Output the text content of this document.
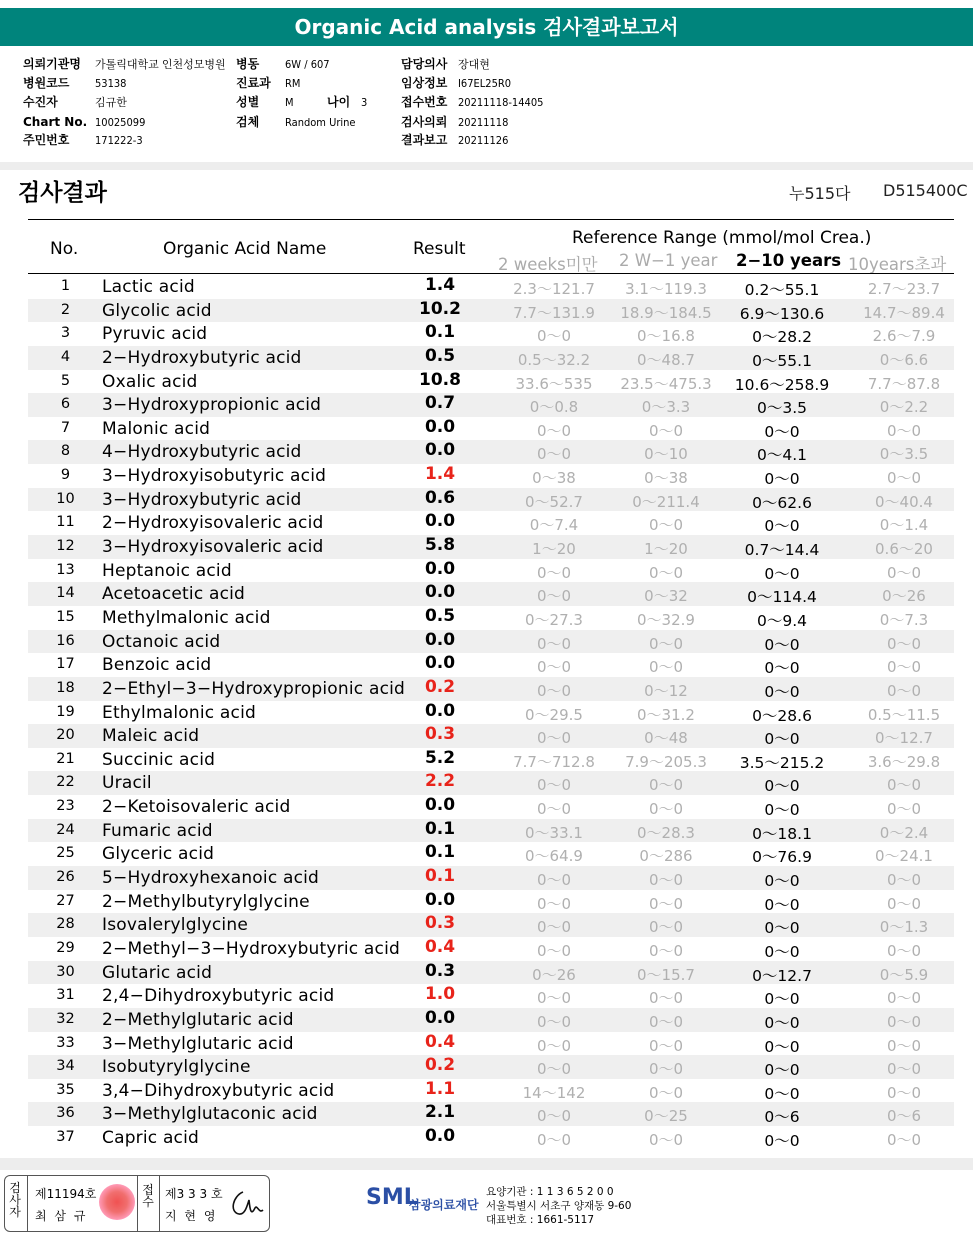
Organic Acid analysis 검사결과보고서
의뢰기관명 가톨릭대학교 인천성모병원 병동 6W / 607	담당의사 장대현
병원코드 53138	진료과 RM	임상정보 I67EL25R0
수진자	김규한	성별 M	나이 3	접수번호 20211118-14405
Chart No. 10025099	검체 Random Urine	검사의뢰 20211118
주민번호 171222-3	결과보고 20211126
검사결과	누515다 D515400C
No.	Organic Acid Name	Result
Reference Range (mmol/mol Crea.)
2 weeks미만 2 W−1 year 2−10 years 10years초과
1	Lactic acid	1.4	2.3～121.7	3.1～119.3	0.2～55.1	2.7～23.7
2	Glycolic acid	10.2	7.7～131.9	18.9～184.5	6.9～130.6	14.7～89.4
3	Pyruvic acid	0.1	0～0	0～16.8	0～28.2	2.6～7.9
4	2−Hydroxybutyric acid	0.5	0.5～32.2	0～48.7	0～55.1	0～6.6
5	Oxalic acid	10.8	33.6～535	23.5～475.3	10.6～258.9	7.7～87.8
6	3−Hydroxypropionic acid	0.7	0～0.8	0～3.3	0～3.5	0～2.2
7	Malonic acid	0.0	0～0	0～0	0～0	0～0
8	4−Hydroxybutyric acid	0.0	0～0	0～10	0～4.1	0～3.5
9	3−Hydroxyisobutyric acid	1.4	0～38	0～38	0～0	0～0
10	3−Hydroxybutyric acid	0.6	0～52.7	0～211.4	0～62.6	0～40.4
11	2−Hydroxyisovaleric acid	0.0	0～7.4	0～0	0～0	0～1.4
12	3−Hydroxyisovaleric acid	5.8	1～20	1～20	0.7～14.4	0.6～20
13	Heptanoic acid	0.0	0～0	0～0	0～0	0～0
14	Acetoacetic acid	0.0	0～0	0～32	0～114.4	0～26
15	Methylmalonic acid	0.5	0～27.3	0～32.9	0～9.4	0～7.3
16	Octanoic acid	0.0	0～0	0～0	0～0	0～0
17	Benzoic acid	0.0	0～0	0～0	0～0	0～0
18	2−Ethyl−3−Hydroxypropionic acid	0.2	0～0	0～12	0～0	0～0
19	Ethylmalonic acid	0.0	0～29.5	0～31.2	0～28.6	0.5～11.5
20	Maleic acid	0.3	0～0	0～48	0～0	0～12.7
21	Succinic acid	5.2	7.7～712.8	7.9～205.3	3.5～215.2	3.6～29.8
22	Uracil	2.2	0～0	0～0	0～0	0～0
23	2−Ketoisovaleric acid	0.0	0～0	0～0	0～0	0～0
24	Fumaric acid	0.1	0～33.1	0～28.3	0～18.1	0～2.4
25	Glyceric acid	0.1	0～64.9	0～286	0～76.9	0～24.1
26	5−Hydroxyhexanoic acid	0.1	0～0	0～0	0～0	0～0
27	2−Methylbutyrylglycine	0.0	0～0	0～0	0～0	0～0
28	Isovalerylglycine	0.3	0～0	0～0	0～0	0～1.3
29	2−Methyl−3−Hydroxybutyric acid	0.4	0～0	0～0	0～0	0～0
30	Glutaric acid	0.3	0～26	0～15.7	0～12.7	0～5.9
31	2,4−Dihydroxybutyric acid	1.0	0～0	0～0	0～0	0～0
32	2−Methylglutaric acid	0.0	0～0	0～0	0～0	0～0
33	3−Methylglutaric acid	0.4	0～0	0～0	0～0	0～0
34	Isobutyrylglycine	0.2	0～0	0～0	0～0	0～0
35	3,4−Dihydroxybutyric acid	1.1	14～142	0～0	0～0	0～0
36	3−Methylglutaconic acid	2.1	0～0	0～25	0～6	0～6
37	Capric acid	0.0	0～0	0～0	0～0	0～0
검
사
자
제11194호
최 삼 규
접
수
제3 3 3 호
지 현 영
SML
삼광의료재단
요양기관 : 1 1 3 6 5 2 0 0
서울특별시 서초구 양재동 9-60
대표번호 : 1661-5117
